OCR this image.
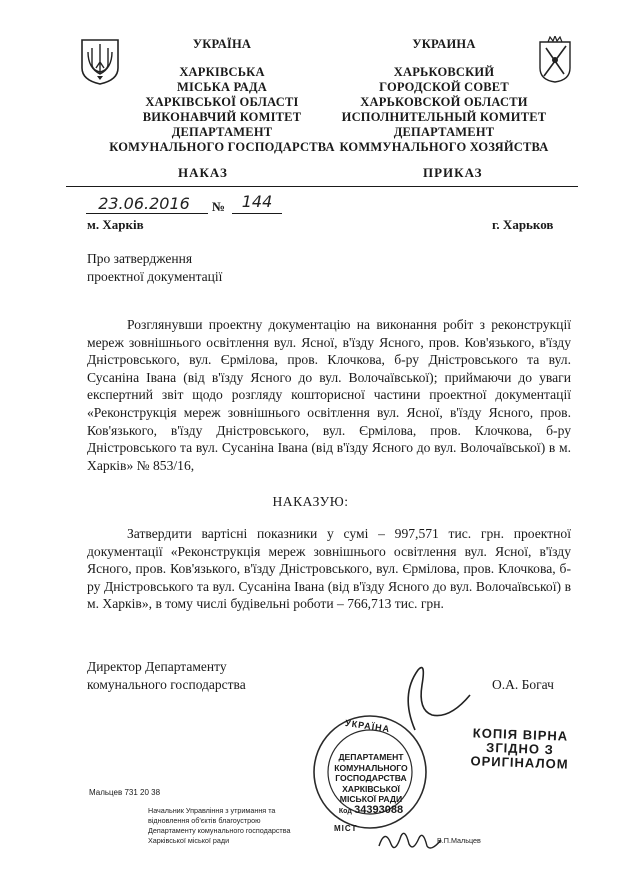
УКРАЇНА
ХАРКІВСЬКА
МІСЬКА РАДА
ХАРКІВСЬКОЇ ОБЛАСТІ
ВИКОНАВЧИЙ КОМІТЕТ
ДЕПАРТАМЕНТ
КОМУНАЛЬНОГО ГОСПОДАРСТВА
УКРАИНА
ХАРЬКОВСКИЙ
ГОРОДСКОЙ СОВЕТ
ХАРЬКОВСКОЙ ОБЛАСТИ
ИСПОЛНИТЕЛЬНЫЙ КОМИТЕТ
ДЕПАРТАМЕНТ
КОММУНАЛЬНОГО ХОЗЯЙСТВА
НАКАЗ	ПРИКАЗ
23.06.2016	№	144
м. Харків	г. Харьков
Про затвердження
проектної документації
Розглянувши проектну документацію на виконання робіт з реконструкції мереж зовнішнього освітлення вул. Ясної, в'їзду Ясного, пров. Ков'язького, в'їзду Дністровського, вул. Єрмілова, пров. Клочкова, б-ру Дністровського та вул. Сусаніна Івана (від в'їзду Ясного до вул. Волочаївської); приймаючи до уваги експертний звіт щодо розгляду кошторисної частини проектної документації «Реконструкція мереж зовнішнього освітлення вул. Ясної, в'їзду Ясного, пров. Ков'язького, в'їзду Дністровського, вул. Єрмілова, пров. Клочкова, б-ру Дністровського та вул. Сусаніна Івана (від в'їзду Ясного до вул. Волочаївської) в м. Харків» № 853/16,
НАКАЗУЮ:
Затвердити вартісні показники у сумі – 997,571 тис. грн. проектної документації «Реконструкція мереж зовнішнього освітлення вул. Ясної, в'їзду Ясного, пров. Ков'язького, в'їзду Дністровського, вул. Єрмілова, пров. Клочкова, б-ру Дністровського та вул. Сусаніна Івана (від в'їзду Ясного до вул. Волочаївської) в м. Харків», в тому числі будівельні роботи – 766,713 тис. грн.
Директор Департаменту
комунального господарства	О.А. Богач
УКРАЇНА
ДЕПАРТАМЕНТ
КОМУНАЛЬНОГО
ГОСПОДАРСТВА
ХАРКІВСЬКОЇ
МІСЬКОЇ РАДИ
Код 34393088
МІСТ
КОПІЯ ВІРНА
ЗГІДНО З
ОРИГІНАЛОМ
Мальцев 731 20 38
Начальник Управління з утримання та
відновлення об'єктів благоустрою
Департаменту комунального господарства
Харківської міської ради	В.П.Мальцев
